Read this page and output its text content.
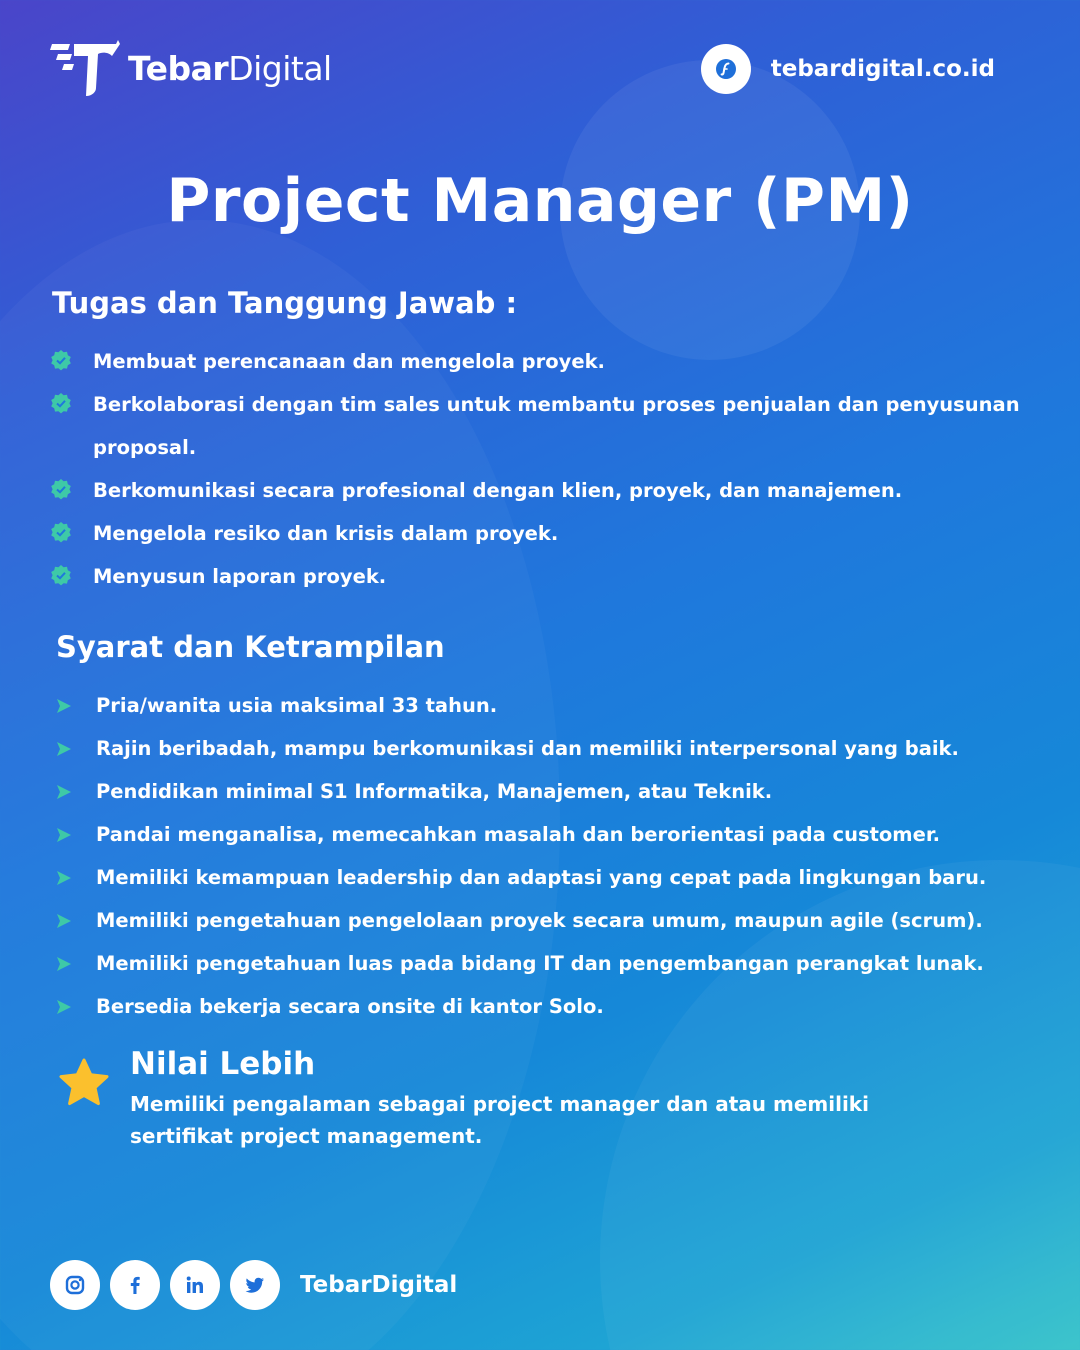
TebarDigital	tebardigital.co.id
Project Manager (PM)
Tugas dan Tanggung Jawab :
Membuat perencanaan dan mengelola proyek.
Berkolaborasi dengan tim sales untuk membantu proses penjualan dan penyusunan proposal.
Berkomunikasi secara profesional dengan klien, proyek, dan manajemen.
Mengelola resiko dan krisis dalam proyek.
Menyusun laporan proyek.
Syarat dan Ketrampilan
Pria/wanita usia maksimal 33 tahun.
Rajin beribadah, mampu berkomunikasi dan memiliki interpersonal yang baik.
Pendidikan minimal S1 Informatika, Manajemen, atau Teknik.
Pandai menganalisa, memecahkan masalah dan berorientasi pada customer.
Memiliki kemampuan leadership dan adaptasi yang cepat pada lingkungan baru.
Memiliki pengetahuan pengelolaan proyek secara umum, maupun agile (scrum).
Memiliki pengetahuan luas pada bidang IT dan pengembangan perangkat lunak.
Bersedia bekerja secara onsite di kantor Solo.
Nilai Lebih
Memiliki pengalaman sebagai project manager dan atau memiliki sertifikat project management.
TebarDigital
